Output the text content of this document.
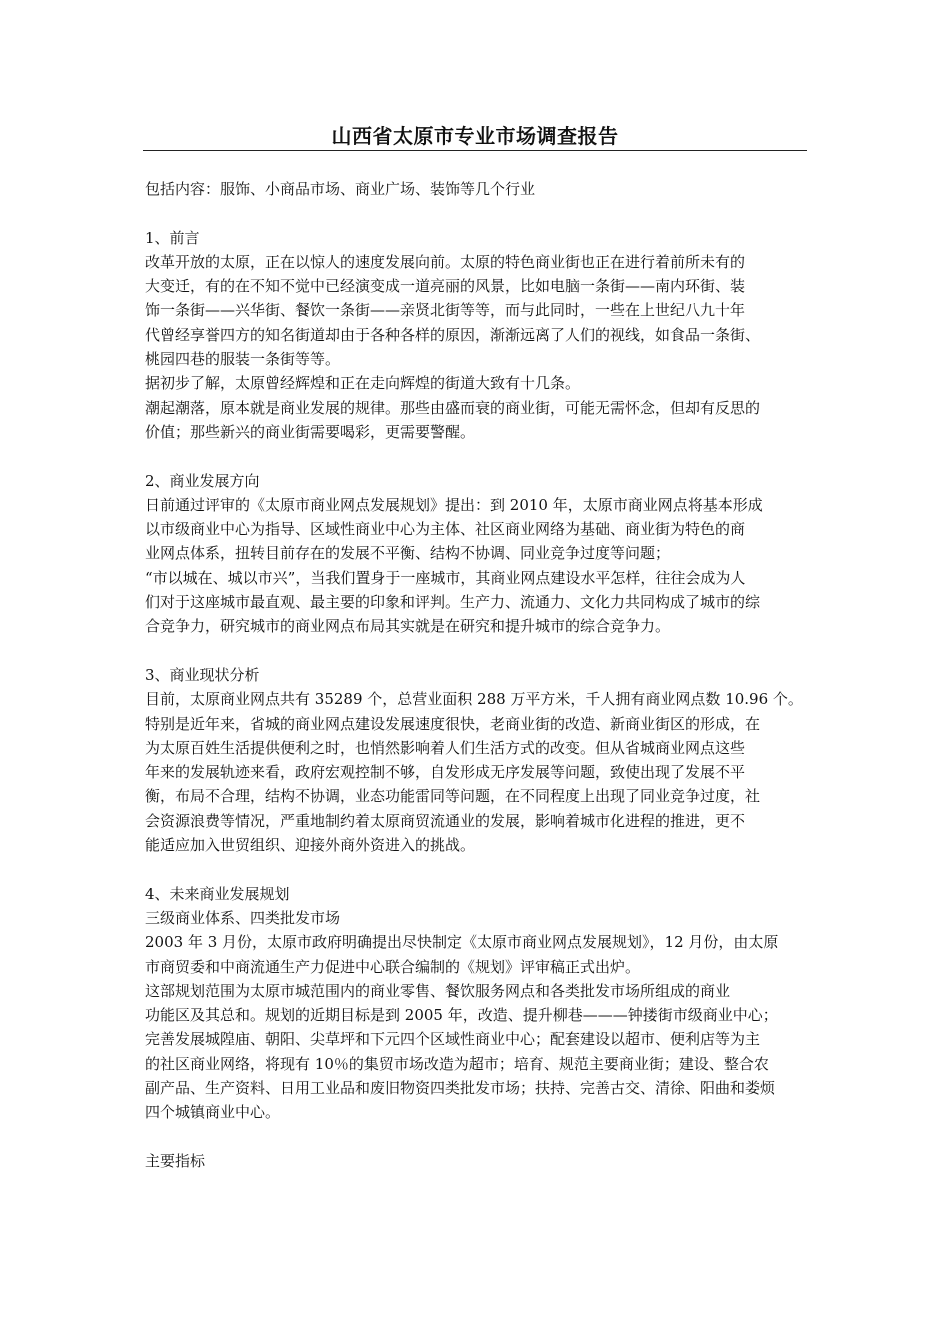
山西省太原市专业市场调查报告
包括内容：服饰、小商品市场、商业广场、装饰等几个行业
1、前言
改革开放的太原，正在以惊人的速度发展向前。太原的特色商业街也正在进行着前所未有的
大变迁，有的在不知不觉中已经演变成一道亮丽的风景，比如电脑一条街——南内环街、装
饰一条街——兴华街、餐饮一条街——亲贤北街等等，而与此同时，一些在上世纪八九十年
代曾经享誉四方的知名街道却由于各种各样的原因，渐渐远离了人们的视线，如食品一条街、
桃园四巷的服装一条街等等。
据初步了解，太原曾经辉煌和正在走向辉煌的街道大致有十几条。
潮起潮落，原本就是商业发展的规律。那些由盛而衰的商业街，可能无需怀念，但却有反思的
价值；那些新兴的商业街需要喝彩，更需要警醒。
2、商业发展方向
日前通过评审的《太原市商业网点发展规划》提出：到 2010 年，太原市商业网点将基本形成
以市级商业中心为指导、区域性商业中心为主体、社区商业网络为基础、商业街为特色的商
业网点体系，扭转目前存在的发展不平衡、结构不协调、同业竞争过度等问题；
“市以城在、城以市兴”，当我们置身于一座城市，其商业网点建设水平怎样，往往会成为人
们对于这座城市最直观、最主要的印象和评判。生产力、流通力、文化力共同构成了城市的综
合竞争力，研究城市的商业网点布局其实就是在研究和提升城市的综合竞争力。
3、商业现状分析
目前，太原商业网点共有 35289 个，总营业面积 288 万平方米，千人拥有商业网点数 10.96 个。
特别是近年来，省城的商业网点建设发展速度很快，老商业街的改造、新商业街区的形成，在
为太原百姓生活提供便利之时，也悄然影响着人们生活方式的改变。但从省城商业网点这些
年来的发展轨迹来看，政府宏观控制不够，自发形成无序发展等问题，致使出现了发展不平
衡，布局不合理，结构不协调，业态功能雷同等问题，在不同程度上出现了同业竞争过度，社
会资源浪费等情况，严重地制约着太原商贸流通业的发展，影响着城市化进程的推进，更不
能适应加入世贸组织、迎接外商外资进入的挑战。
4、未来商业发展规划
三级商业体系、四类批发市场
2003 年 3 月份，太原市政府明确提出尽快制定《太原市商业网点发展规划》，12 月份，由太原
市商贸委和中商流通生产力促进中心联合编制的《规划》评审稿正式出炉。
这部规划范围为太原市城范围内的商业零售、餐饮服务网点和各类批发市场所组成的商业
功能区及其总和。规划的近期目标是到 2005 年，改造、提升柳巷———钟搂街市级商业中心；
完善发展城隍庙、朝阳、尖草坪和下元四个区域性商业中心；配套建设以超市、便利店等为主
的社区商业网络，将现有 10％的集贸市场改造为超市；培育、规范主要商业街；建设、整合农
副产品、生产资料、日用工业品和废旧物资四类批发市场；扶持、完善古交、清徐、阳曲和娄烦
四个城镇商业中心。
主要指标
